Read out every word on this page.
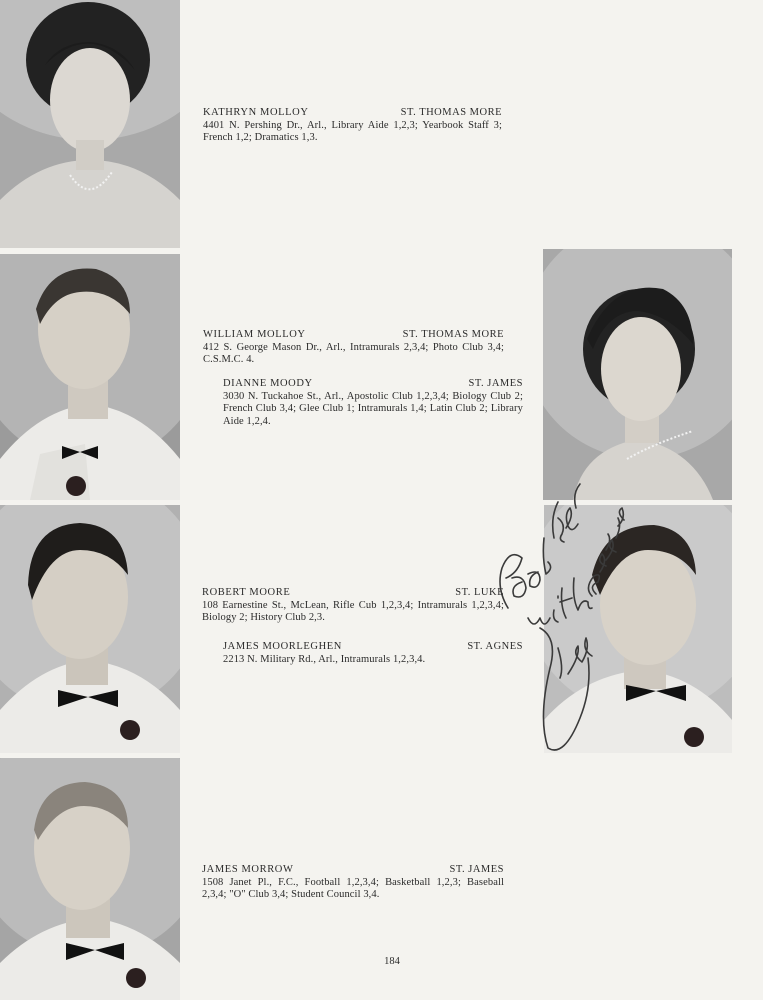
KATHRYN MOLLOY	ST. THOMAS MORE
4401 N. Pershing Dr., Arl., Library Aide 1,2,3; Yearbook Staff 3; French 1,2; Dramatics 1,3.
WILLIAM MOLLOY	ST. THOMAS MORE
412 S. George Mason Dr., Arl., Intramurals 2,3,4; Photo Club 3,4; C.S.M.C. 4.
DIANNE MOODY	ST. JAMES
3030 N. Tuckahoe St., Arl., Apostolic Club 1,2,3,4; Biology Club 2; French Club 3,4; Glee Club 1; Intramurals 1,4; Latin Club 2; Library Aide 1,2,4.
ROBERT MOORE	ST. LUKE
108 Earnestine St., McLean, Rifle Cub 1,2,3,4; Intramurals 1,2,3,4; Biology 2; History Club 2,3.
JAMES MOORLEGHEN	ST. AGNES
2213 N. Military Rd., Arl., Intramurals 1,2,3,4.
JAMES MORROW	ST. JAMES
1508 Janet Pl., F.C., Football 1,2,3,4; Basketball 1,2,3; Baseball 2,3,4; "O" Club 3,4; Student Council 3,4.
184
